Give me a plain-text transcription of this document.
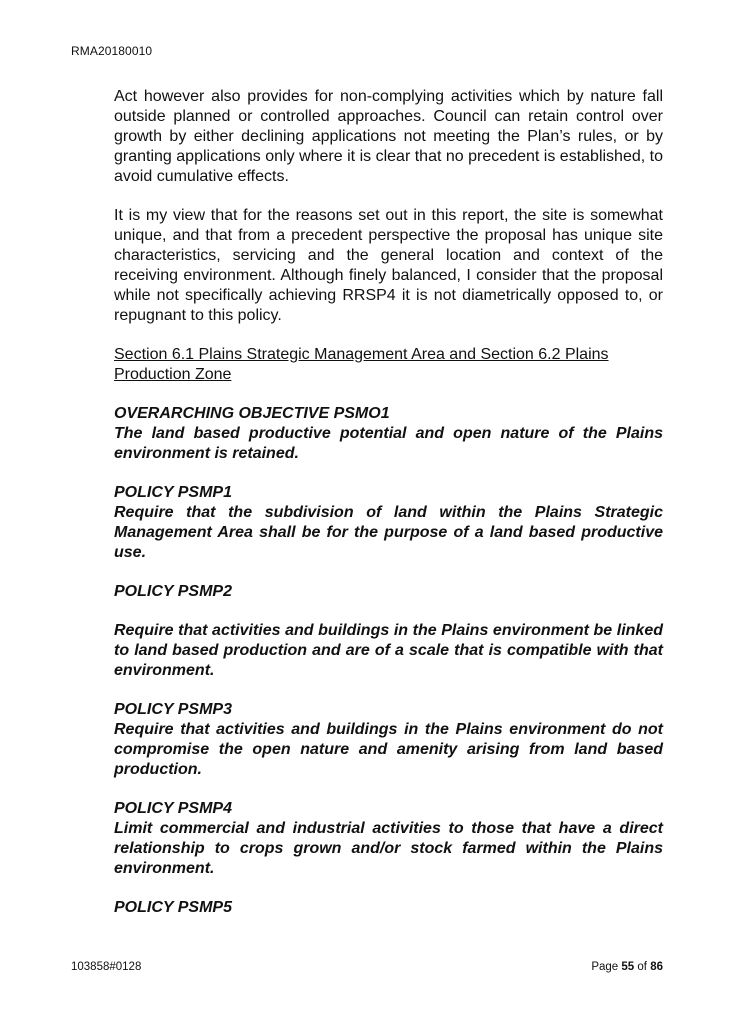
RMA20180010

Act however also provides for non-complying activities which by nature fall outside planned or controlled approaches. Council can retain control over growth by either declining applications not meeting the Plan’s rules, or by granting applications only where it is clear that no precedent is established, to avoid cumulative effects.

It is my view that for the reasons set out in this report, the site is somewhat unique, and that from a precedent perspective the proposal has unique site characteristics, servicing and the general location and context of the receiving environment. Although finely balanced, I consider that the proposal while not specifically achieving RRSP4 it is not diametrically opposed to, or repugnant to this policy.

Section 6.1 Plains Strategic Management Area and Section 6.2 Plains Production Zone

OVERARCHING OBJECTIVE PSMO1

The land based productive potential and open nature of the Plains environment is retained.

POLICY PSMP1

Require that the subdivision of land within the Plains Strategic Management Area shall be for the purpose of a land based productive use.

POLICY PSMP2

Require that activities and buildings in the Plains environment be linked to land based production and are of a scale that is compatible with that environment.

POLICY PSMP3

Require that activities and buildings in the Plains environment do not compromise the open nature and amenity arising from land based production.

POLICY PSMP4

Limit commercial and industrial activities to those that have a direct relationship to crops grown and/or stock farmed within the Plains environment.

POLICY PSMP5

103858#0128	Page 55 of 86
